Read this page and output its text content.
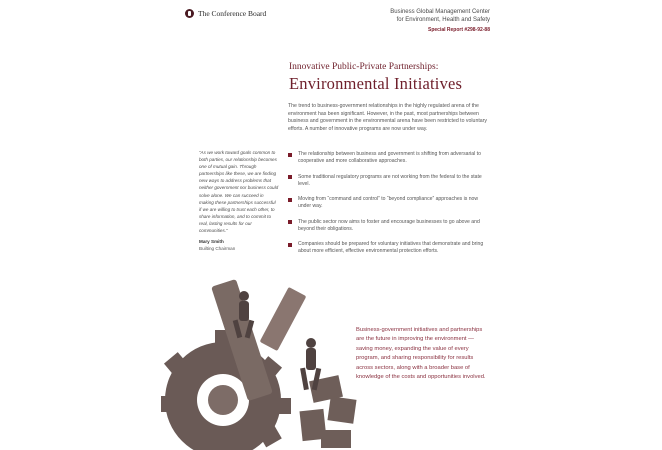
The Conference Board	Business Global Management Center
for Environment, Health and Safety
Special Report #298-92-88
Innovative Public-Private Partnerships:
Environmental Initiatives
The trend to business-government relationships in the highly regulated arena of the environment has been significant. However, in the past, most partnerships between business and government in the environmental arena have been restricted to voluntary efforts. A number of innovative programs are now under way.
“As we work toward goals common to both parties, our relationship becomes one of mutual gain. Through partnerships like these, we are finding new ways to address problems that neither government nor business could solve alone. We can succeed in making these partnerships successful if we are willing to trust each other, to share information, and to commit to real, lasting results for our communities.”
Mary Smith
Builting Chairman
The relationship between business and government is shifting from adversarial to cooperative and more collaborative approaches.
Some traditional regulatory programs are not working from the federal to the state level.
Moving from “command and control” to “beyond compliance” approaches is now under way.
The public sector now aims to foster and encourage businesses to go above and beyond their obligations.
Companies should be prepared for voluntary initiatives that demonstrate and bring about more efficient, effective environmental protection efforts.
Business-government initiatives and partnerships are the future in improving the environment — saving money, expanding the value of every program, and sharing responsibility for results across sectors, along with a broader base of knowledge of the costs and opportunities involved.
